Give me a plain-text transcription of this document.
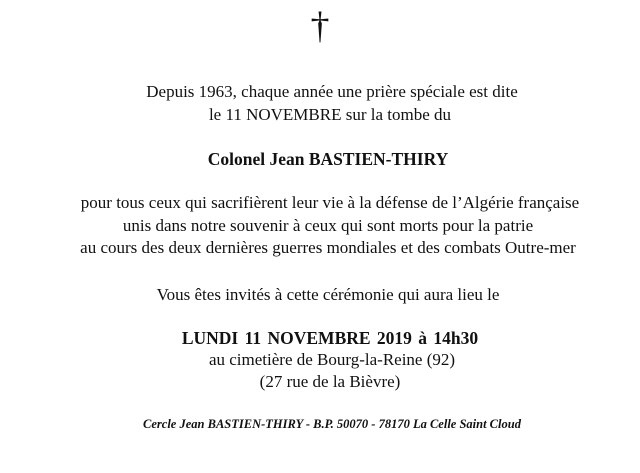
†
Depuis 1963, chaque année une prière spéciale est dite
le 11 NOVEMBRE sur la tombe du
Colonel Jean BASTIEN-THIRY
pour tous ceux qui sacrifièrent leur vie à la défense de l’Algérie française
unis dans notre souvenir à ceux qui sont morts pour la patrie
au cours des deux dernières guerres mondiales et des combats Outre-mer
Vous êtes invités à cette cérémonie qui aura lieu le
LUNDI 11 NOVEMBRE 2019 à 14h30
au cimetière de Bourg-la-Reine (92)
(27 rue de la Bièvre)
Cercle Jean BASTIEN-THIRY - B.P. 50070 - 78170 La Celle Saint Cloud
